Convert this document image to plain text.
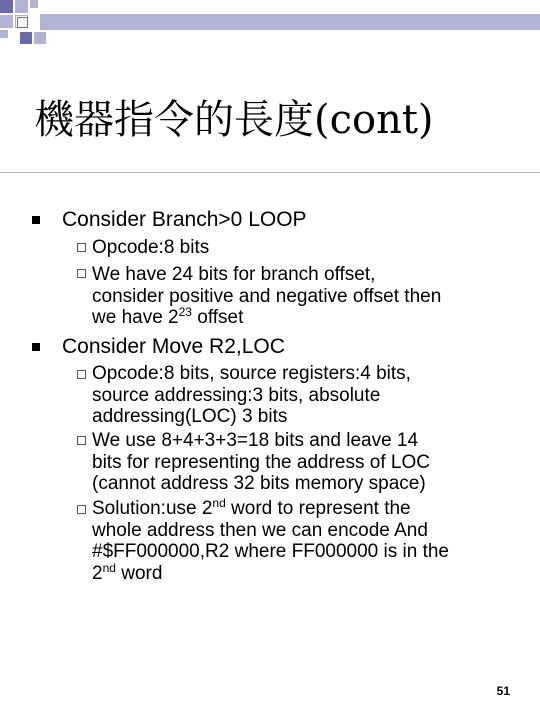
機器指令的長度(cont)
Consider Branch>0 LOOP
Opcode:8 bits
We have 24 bits for branch offset,
consider positive and negative offset then
we have $2^{23}$ offset
Consider Move R2,LOC
Opcode:8 bits, source registers:4 bits,
source addressing:3 bits, absolute
addressing(LOC) 3 bits
We use 8+4+3+3=18 bits and leave 14
bits for representing the address of LOC
(cannot address 32 bits memory space)
Solution:use 2nd word to represent the
whole address then we can encode And
#$FF000000,R2 where FF000000 is in the
2nd word
51
